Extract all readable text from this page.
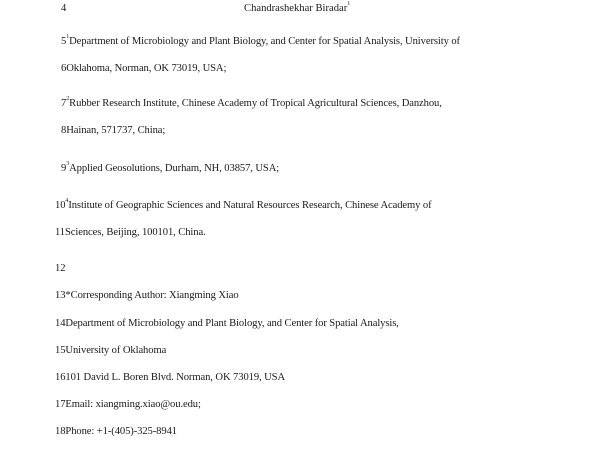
4	Chandrashekhar Biradar$^1$
$5^1Department$ of Microbiology and Plant Biology, and Center for Spatial Analysis, University of
6Oklahoma, Norman, OK 73019, USA;
$7^2Rubber$ Research Institute, Chinese Academy of Tropical Agricultural Sciences, Danzhou,
8Hainan, 571737, China;
$9^3Applied$ Geosolutions, Durham, NH, 03857, USA;
$10^4Institute$ of Geographic Sciences and Natural Resources Research, Chinese Academy of
11Sciences, Beijing, 100101, China.
12
13*Corresponding Author: Xiangming Xiao
14Department of Microbiology and Plant Biology, and Center for Spatial Analysis,
15University of Oklahoma
16101 David L. Boren Blvd. Norman, OK 73019, USA
17Email: xiangming.xiao@ou.edu;
18Phone: +1-(405)-325-8941
